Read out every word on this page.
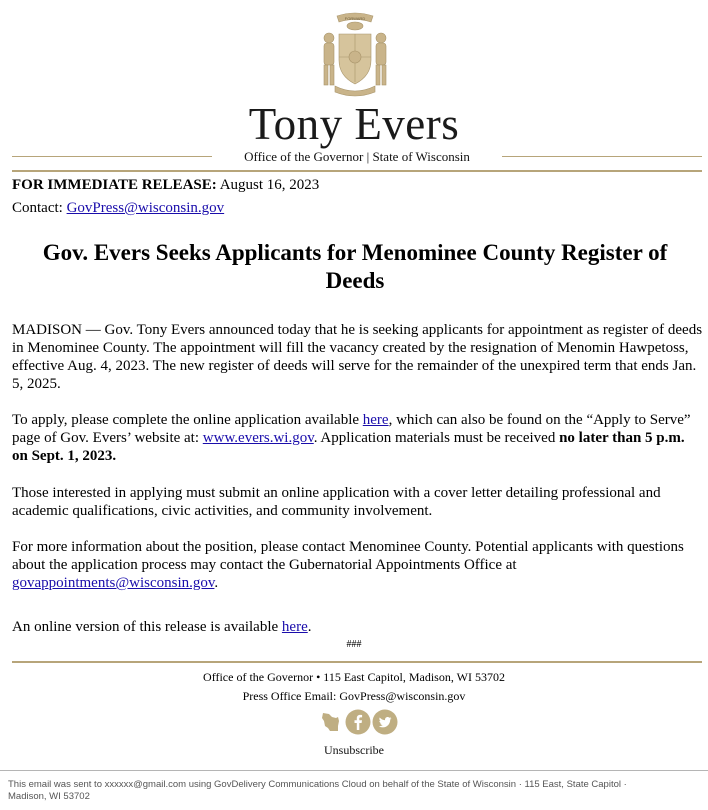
FORWARD
Tony Evers
Office of the Governor | State of Wisconsin
FOR IMMEDIATE RELEASE: August 16, 2023
Contact: GovPress@wisconsin.gov
Gov. Evers Seeks Applicants for Menominee County Register of Deeds
MADISON — Gov. Tony Evers announced today that he is seeking applicants for appointment as register of deeds in Menominee County. The appointment will fill the vacancy created by the resignation of Menomin Hawpetoss, effective Aug. 4, 2023. The new register of deeds will serve for the remainder of the unexpired term that ends Jan. 5, 2025.
To apply, please complete the online application available here, which can also be found on the “Apply to Serve” page of Gov. Evers’ website at: www.evers.wi.gov. Application materials must be received no later than 5 p.m. on Sept. 1, 2023.
Those interested in applying must submit an online application with a cover letter detailing professional and academic qualifications, civic activities, and community involvement.
For more information about the position, please contact Menominee County. Potential applicants with questions about the application process may contact the Gubernatorial Appointments Office at govappointments@wisconsin.gov.
An online version of this release is available here.
###
Office of the Governor • 115 East Capitol, Madison, WI 53702
Press Office Email: GovPress@wisconsin.gov
Unsubscribe
This email was sent to xxxxxx@gmail.com using GovDelivery Communications Cloud on behalf of the State of Wisconsin · 115 East, State Capitol · Madison, WI 53702
